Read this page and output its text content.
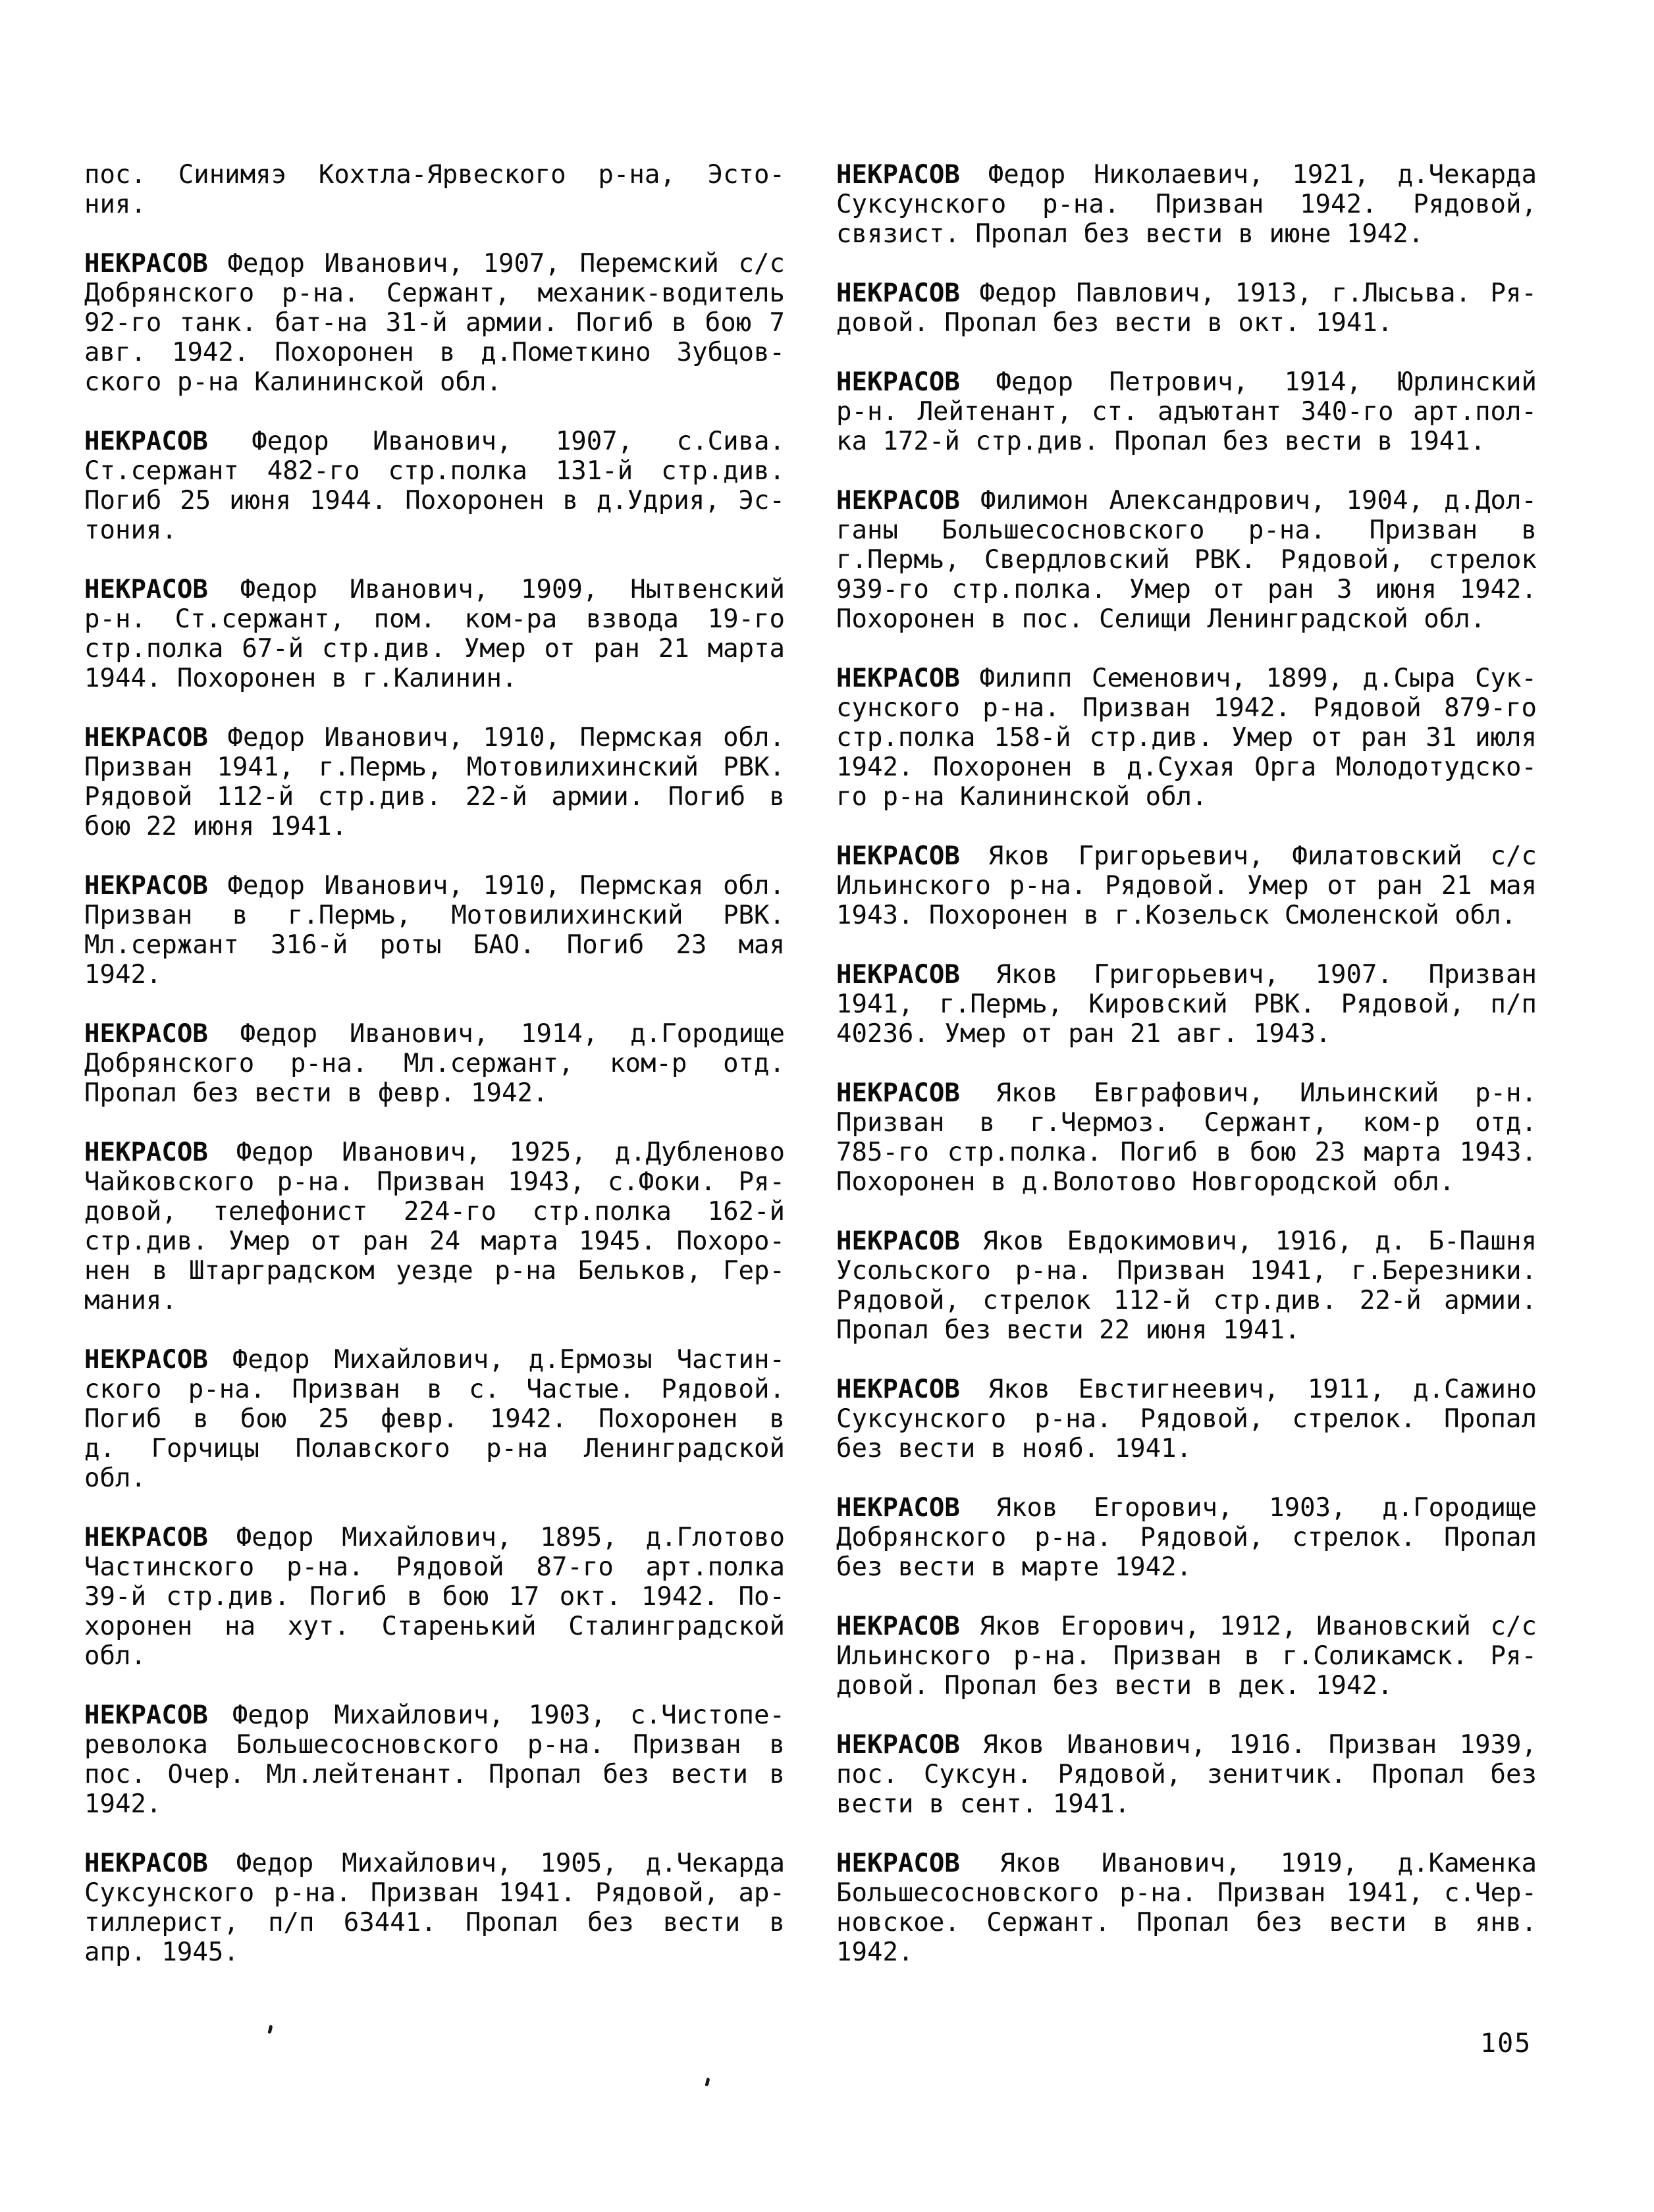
пос. Синимяэ Кохтла-Ярвеского р-на, Эсто-
ния.
НЕКРАСОВ Федор Иванович, 1907, Перемский с/с
Добрянского р-на. Сержант, механик-водитель
92-го танк. бат-на 31-й армии. Погиб в бою 7
авг. 1942. Похоронен в д.Пометкино Зубцов-
ского р-на Калининской обл.
НЕКРАСОВ Федор Иванович, 1907, с.Сива.
Ст.сержант 482-го стр.полка 131-й стр.див.
Погиб 25 июня 1944. Похоронен в д.Удрия, Эс-
тония.
НЕКРАСОВ Федор Иванович, 1909, Нытвенский
р-н. Ст.сержант, пом. ком-ра взвода 19-го
стр.полка 67-й стр.див. Умер от ран 21 марта
1944. Похоронен в г.Калинин.
НЕКРАСОВ Федор Иванович, 1910, Пермская обл.
Призван 1941, г.Пермь, Мотовилихинский РВК.
Рядовой 112-й стр.див. 22-й армии. Погиб в
бою 22 июня 1941.
НЕКРАСОВ Федор Иванович, 1910, Пермская обл.
Призван в г.Пермь, Мотовилихинский РВК.
Мл.сержант 316-й роты БАО. Погиб 23 мая
1942.
НЕКРАСОВ Федор Иванович, 1914, д.Городище
Добрянского р-на. Мл.сержант, ком-р отд.
Пропал без вести в февр. 1942.
НЕКРАСОВ Федор Иванович, 1925, д.Дубленово
Чайковского р-на. Призван 1943, с.Фоки. Ря-
довой, телефонист 224-го стр.полка 162-й
стр.див. Умер от ран 24 марта 1945. Похоро-
нен в Штарградском уезде р-на Бельков, Гер-
мания.
НЕКРАСОВ Федор Михайлович, д.Ермозы Частин-
ского р-на. Призван в с. Частые. Рядовой.
Погиб в бою 25 февр. 1942. Похоронен в
д. Горчицы Полавского р-на Ленинградской
обл.
НЕКРАСОВ Федор Михайлович, 1895, д.Глотово
Частинского р-на. Рядовой 87-го арт.полка
39-й стр.див. Погиб в бою 17 окт. 1942. По-
хоронен на хут. Старенький Сталинградской
обл.
НЕКРАСОВ Федор Михайлович, 1903, с.Чистопе-
револока Большесосновского р-на. Призван в
пос. Очер. Мл.лейтенант. Пропал без вести в
1942.
НЕКРАСОВ Федор Михайлович, 1905, д.Чекарда
Суксунского р-на. Призван 1941. Рядовой, ар-
тиллерист, п/п 63441. Пропал без вести в
апр. 1945.
НЕКРАСОВ Федор Николаевич, 1921, д.Чекарда
Суксунского р-на. Призван 1942. Рядовой,
связист. Пропал без вести в июне 1942.
НЕКРАСОВ Федор Павлович, 1913, г.Лысьва. Ря-
довой. Пропал без вести в окт. 1941.
НЕКРАСОВ Федор Петрович, 1914, Юрлинский
р-н. Лейтенант, ст. адъютант 340-го арт.пол-
ка 172-й стр.див. Пропал без вести в 1941.
НЕКРАСОВ Филимон Александрович, 1904, д.Дол-
ганы Большесосновского р-на. Призван в
г.Пермь, Свердловский РВК. Рядовой, стрелок
939-го стр.полка. Умер от ран 3 июня 1942.
Похоронен в пос. Селищи Ленинградской обл.
НЕКРАСОВ Филипп Семенович, 1899, д.Сыра Сук-
сунского р-на. Призван 1942. Рядовой 879-го
стр.полка 158-й стр.див. Умер от ран 31 июля
1942. Похоронен в д.Сухая Орга Молодотудско-
го р-на Калининской обл.
НЕКРАСОВ Яков Григорьевич, Филатовский с/с
Ильинского р-на. Рядовой. Умер от ран 21 мая
1943. Похоронен в г.Козельск Смоленской обл.
НЕКРАСОВ Яков Григорьевич, 1907. Призван
1941, г.Пермь, Кировский РВК. Рядовой, п/п
40236. Умер от ран 21 авг. 1943.
НЕКРАСОВ Яков Евграфович, Ильинский р-н.
Призван в г.Чермоз. Сержант, ком-р отд.
785-го стр.полка. Погиб в бою 23 марта 1943.
Похоронен в д.Волотово Новгородской обл.
НЕКРАСОВ Яков Евдокимович, 1916, д. Б-Пашня
Усольского р-на. Призван 1941, г.Березники.
Рядовой, стрелок 112-й стр.див. 22-й армии.
Пропал без вести 22 июня 1941.
НЕКРАСОВ Яков Евстигнеевич, 1911, д.Сажино
Суксунского р-на. Рядовой, стрелок. Пропал
без вести в нояб. 1941.
НЕКРАСОВ Яков Егорович, 1903, д.Городище
Добрянского р-на. Рядовой, стрелок. Пропал
без вести в марте 1942.
НЕКРАСОВ Яков Егорович, 1912, Ивановский с/с
Ильинского р-на. Призван в г.Соликамск. Ря-
довой. Пропал без вести в дек. 1942.
НЕКРАСОВ Яков Иванович, 1916. Призван 1939,
пос. Суксун. Рядовой, зенитчик. Пропал без
вести в сент. 1941.
НЕКРАСОВ Яков Иванович, 1919, д.Каменка
Большесосновского р-на. Призван 1941, с.Чер-
новское. Сержант. Пропал без вести в янв.
1942.
105
